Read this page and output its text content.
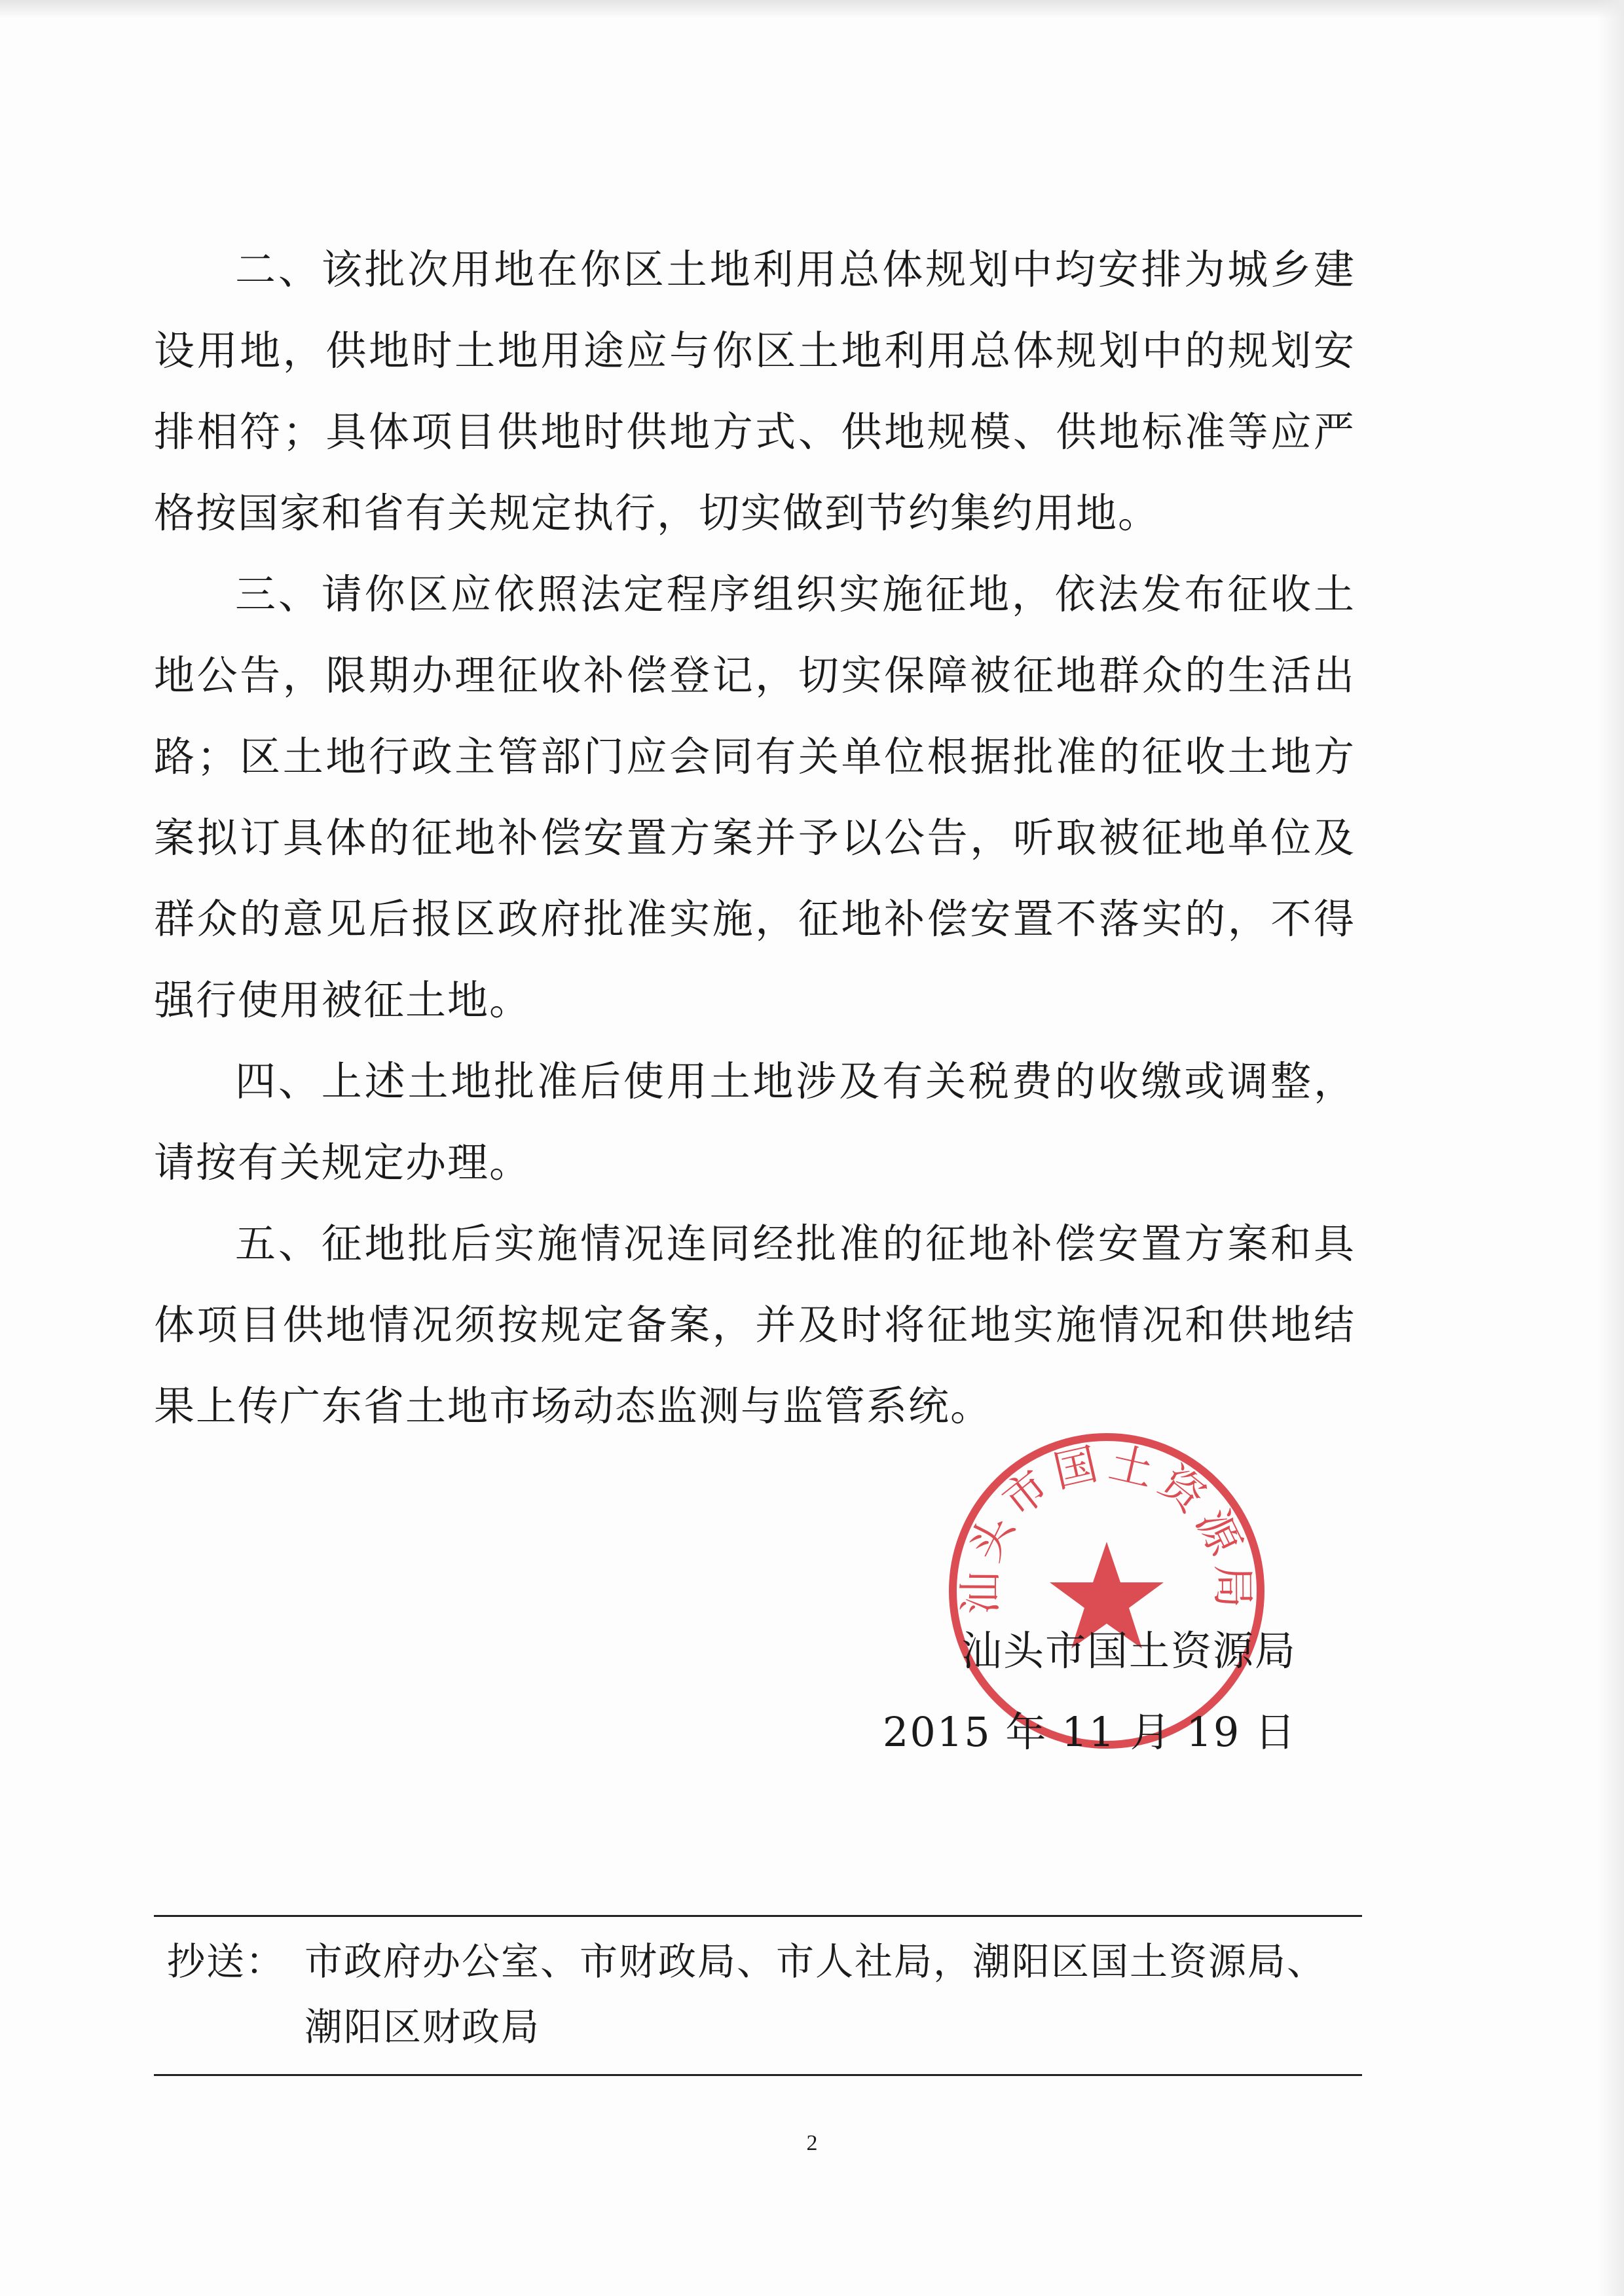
二、该批次用地在你区土地利用总体规划中均安排为城乡建设用地，供地时土地用途应与你区土地利用总体规划中的规划安排相符；具体项目供地时供地方式、供地规模、供地标准等应严格按国家和省有关规定执行，切实做到节约集约用地。

三、请你区应依照法定程序组织实施征地，依法发布征收土地公告，限期办理征收补偿登记，切实保障被征地群众的生活出路；区土地行政主管部门应会同有关单位根据批准的征收土地方案拟订具体的征地补偿安置方案并予以公告，听取被征地单位及群众的意见后报区政府批准实施，征地补偿安置不落实的，不得强行使用被征土地。

四、上述土地批准后使用土地涉及有关税费的收缴或调整，请按有关规定办理。

五、征地批后实施情况连同经批准的征地补偿安置方案和具体项目供地情况须按规定备案，并及时将征地实施情况和供地结果上传广东省土地市场动态监测与监管系统。

汕头市国土资源局
汕头市国土资源局
2015 年 11 月 19 日
抄送： 市政府办公室、市财政局、市人社局，潮阳区国土资源局、
潮阳区财政局
2
